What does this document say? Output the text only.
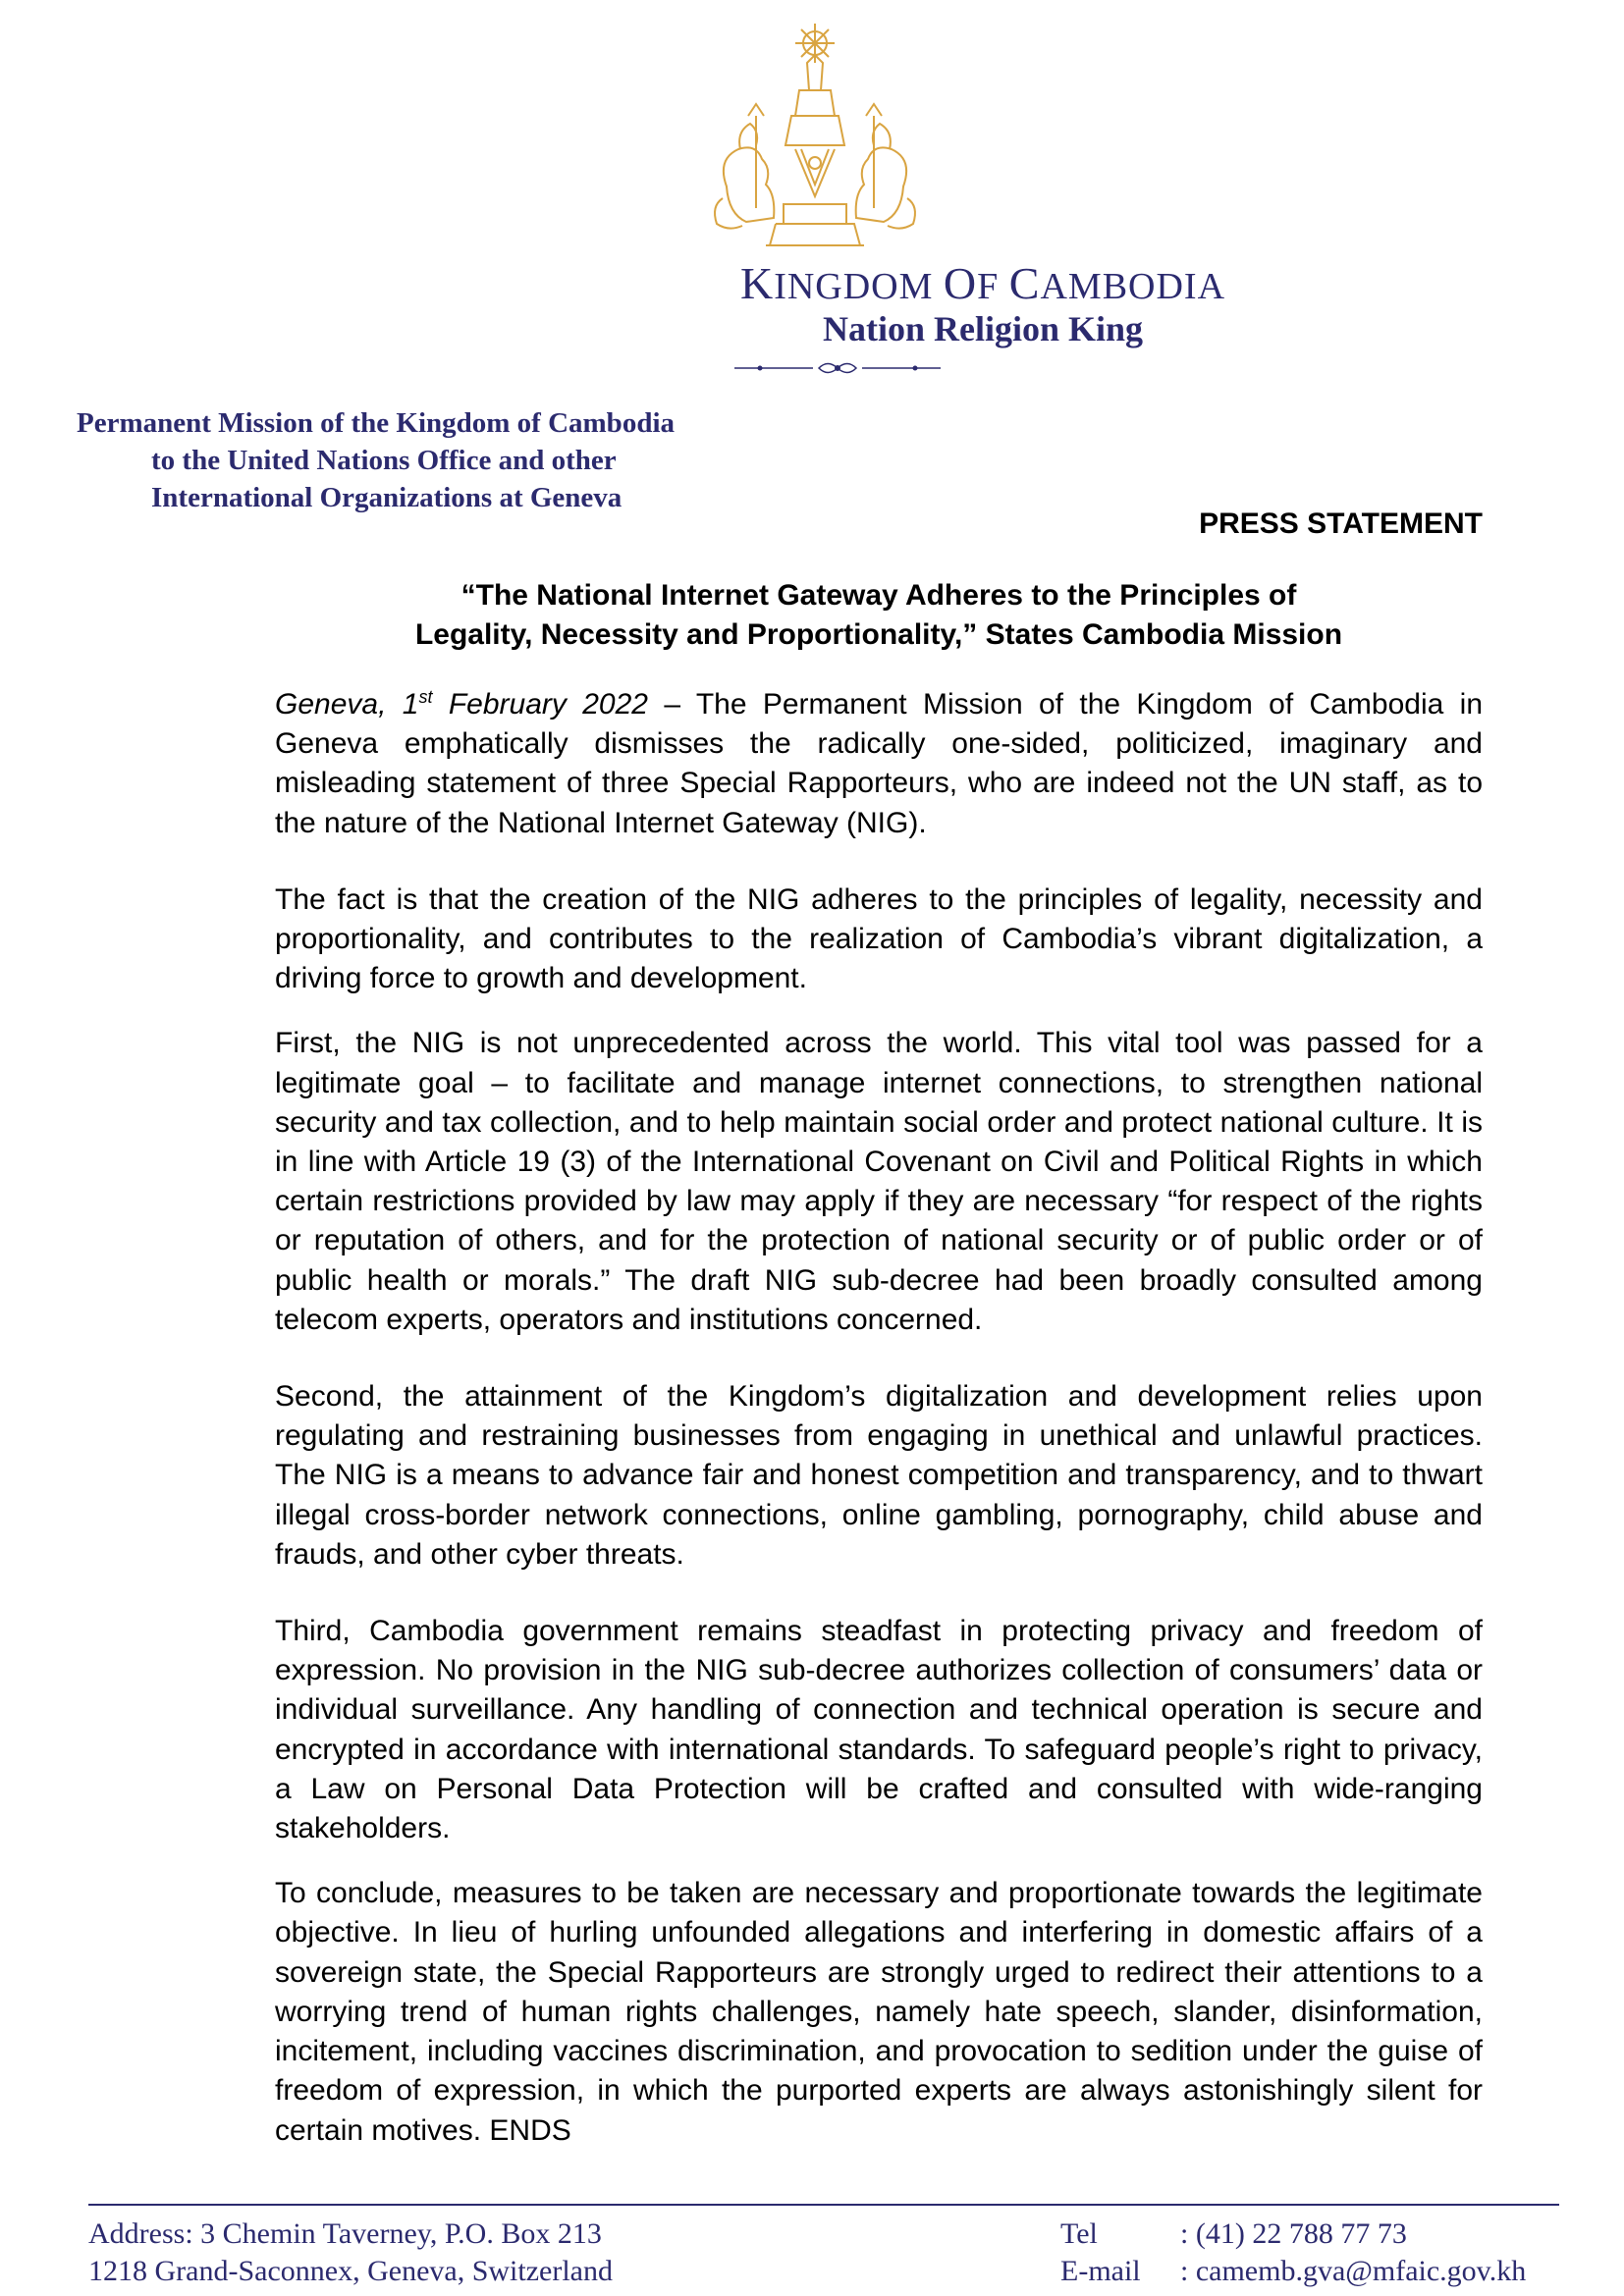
KINGDOM OF CAMBODIA
Nation Religion King
Permanent Mission of the Kingdom of Cambodia
to the United Nations Office and other
International Organizations at Geneva
PRESS STATEMENT
“The National Internet Gateway Adheres to the Principles of
Legality, Necessity and Proportionality,” States Cambodia Mission

Geneva, 1st February 2022 – The Permanent Mission of the Kingdom of Cambodia in Geneva emphatically dismisses the radically one-sided, politicized, imaginary and misleading statement of three Special Rapporteurs, who are indeed not the UN staff, as to the nature of the National Internet Gateway (NIG).

The fact is that the creation of the NIG adheres to the principles of legality, necessity and proportionality, and contributes to the realization of Cambodia’s vibrant digitalization, a driving force to growth and development.

First, the NIG is not unprecedented across the world. This vital tool was passed for a legitimate goal – to facilitate and manage internet connections, to strengthen national security and tax collection, and to help maintain social order and protect national culture. It is in line with Article 19 (3) of the International Covenant on Civil and Political Rights in which certain restrictions provided by law may apply if they are necessary “for respect of the rights or reputation of others, and for the protection of national security or of public order or of public health or morals.” The draft NIG sub-decree had been broadly consulted among telecom experts, operators and institutions concerned.

Second, the attainment of the Kingdom’s digitalization and development relies upon regulating and restraining businesses from engaging in unethical and unlawful practices. The NIG is a means to advance fair and honest competition and transparency, and to thwart illegal cross-border network connections, online gambling, pornography, child abuse and frauds, and other cyber threats.

Third, Cambodia government remains steadfast in protecting privacy and freedom of expression. No provision in the NIG sub-decree authorizes collection of consumers’ data or individual surveillance. Any handling of connection and technical operation is secure and encrypted in accordance with international standards. To safeguard people’s right to privacy, a Law on Personal Data Protection will be crafted and consulted with wide-ranging stakeholders.

To conclude, measures to be taken are necessary and proportionate towards the legitimate objective. In lieu of hurling unfounded allegations and interfering in domestic affairs of a sovereign state, the Special Rapporteurs are strongly urged to redirect their attentions to a worrying trend of human rights challenges, namely hate speech, slander, disinformation, incitement, including vaccines discrimination, and provocation to sedition under the guise of freedom of expression, in which the purported experts are always astonishingly silent for certain motives. ENDS

Address: 3 Chemin Taverney, P.O. Box 213
1218 Grand-Saconnex, Geneva, Switzerland
Tel	: (41) 22 788 77 73
E-mail : camemb.gva@mfaic.gov.kh
